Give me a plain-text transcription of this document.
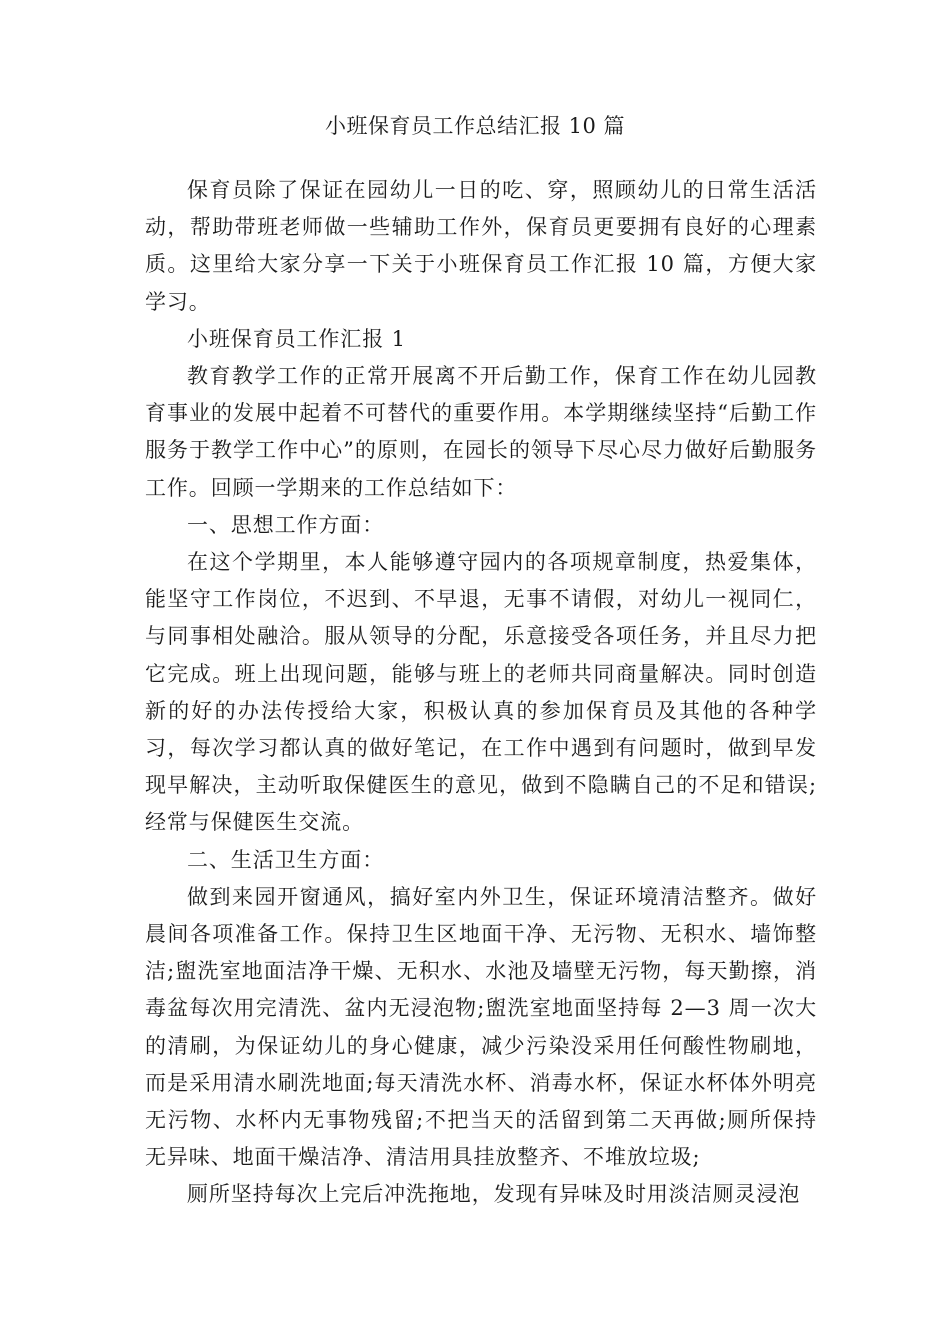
小班保育员工作总结汇报 10 篇

保育员除了保证在园幼儿一日的吃、穿，照顾幼儿的日常生活活动，帮助带班老师做一些辅助工作外，保育员更要拥有良好的心理素质。这里给大家分享一下关于小班保育员工作汇报 10 篇，方便大家学习。

小班保育员工作汇报 1

教育教学工作的正常开展离不开后勤工作，保育工作在幼儿园教育事业的发展中起着不可替代的重要作用。本学期继续坚持“后勤工作服务于教学工作中心”的原则，在园长的领导下尽心尽力做好后勤服务工作。回顾一学期来的工作总结如下：

一、思想工作方面：

在这个学期里，本人能够遵守园内的各项规章制度，热爱集体，能坚守工作岗位，不迟到、不早退，无事不请假，对幼儿一视同仁，与同事相处融洽。服从领导的分配，乐意接受各项任务，并且尽力把它完成。班上出现问题，能够与班上的老师共同商量解决。同时创造新的好的办法传授给大家，积极认真的参加保育员及其他的各种学习，每次学习都认真的做好笔记，在工作中遇到有问题时，做到早发现早解决，主动听取保健医生的意见，做到不隐瞒自己的不足和错误;经常与保健医生交流。

二、生活卫生方面：

做到来园开窗通风，搞好室内外卫生，保证环境清洁整齐。做好晨间各项准备工作。保持卫生区地面干净、无污物、无积水、墙饰整洁;盥洗室地面洁净干燥、无积水、水池及墙壁无污物，每天勤擦，消毒盆每次用完清洗、盆内无浸泡物;盥洗室地面坚持每 2—3 周一次大的清刷，为保证幼儿的身心健康，减少污染没采用任何酸性物刷地，而是采用清水刷洗地面;每天清洗水杯、消毒水杯，保证水杯体外明亮无污物、水杯内无事物残留;不把当天的活留到第二天再做;厕所保持无异味、地面干燥洁净、清洁用具挂放整齐、不堆放垃圾;

厕所坚持每次上完后冲洗拖地，发现有异味及时用淡洁厕灵浸泡
